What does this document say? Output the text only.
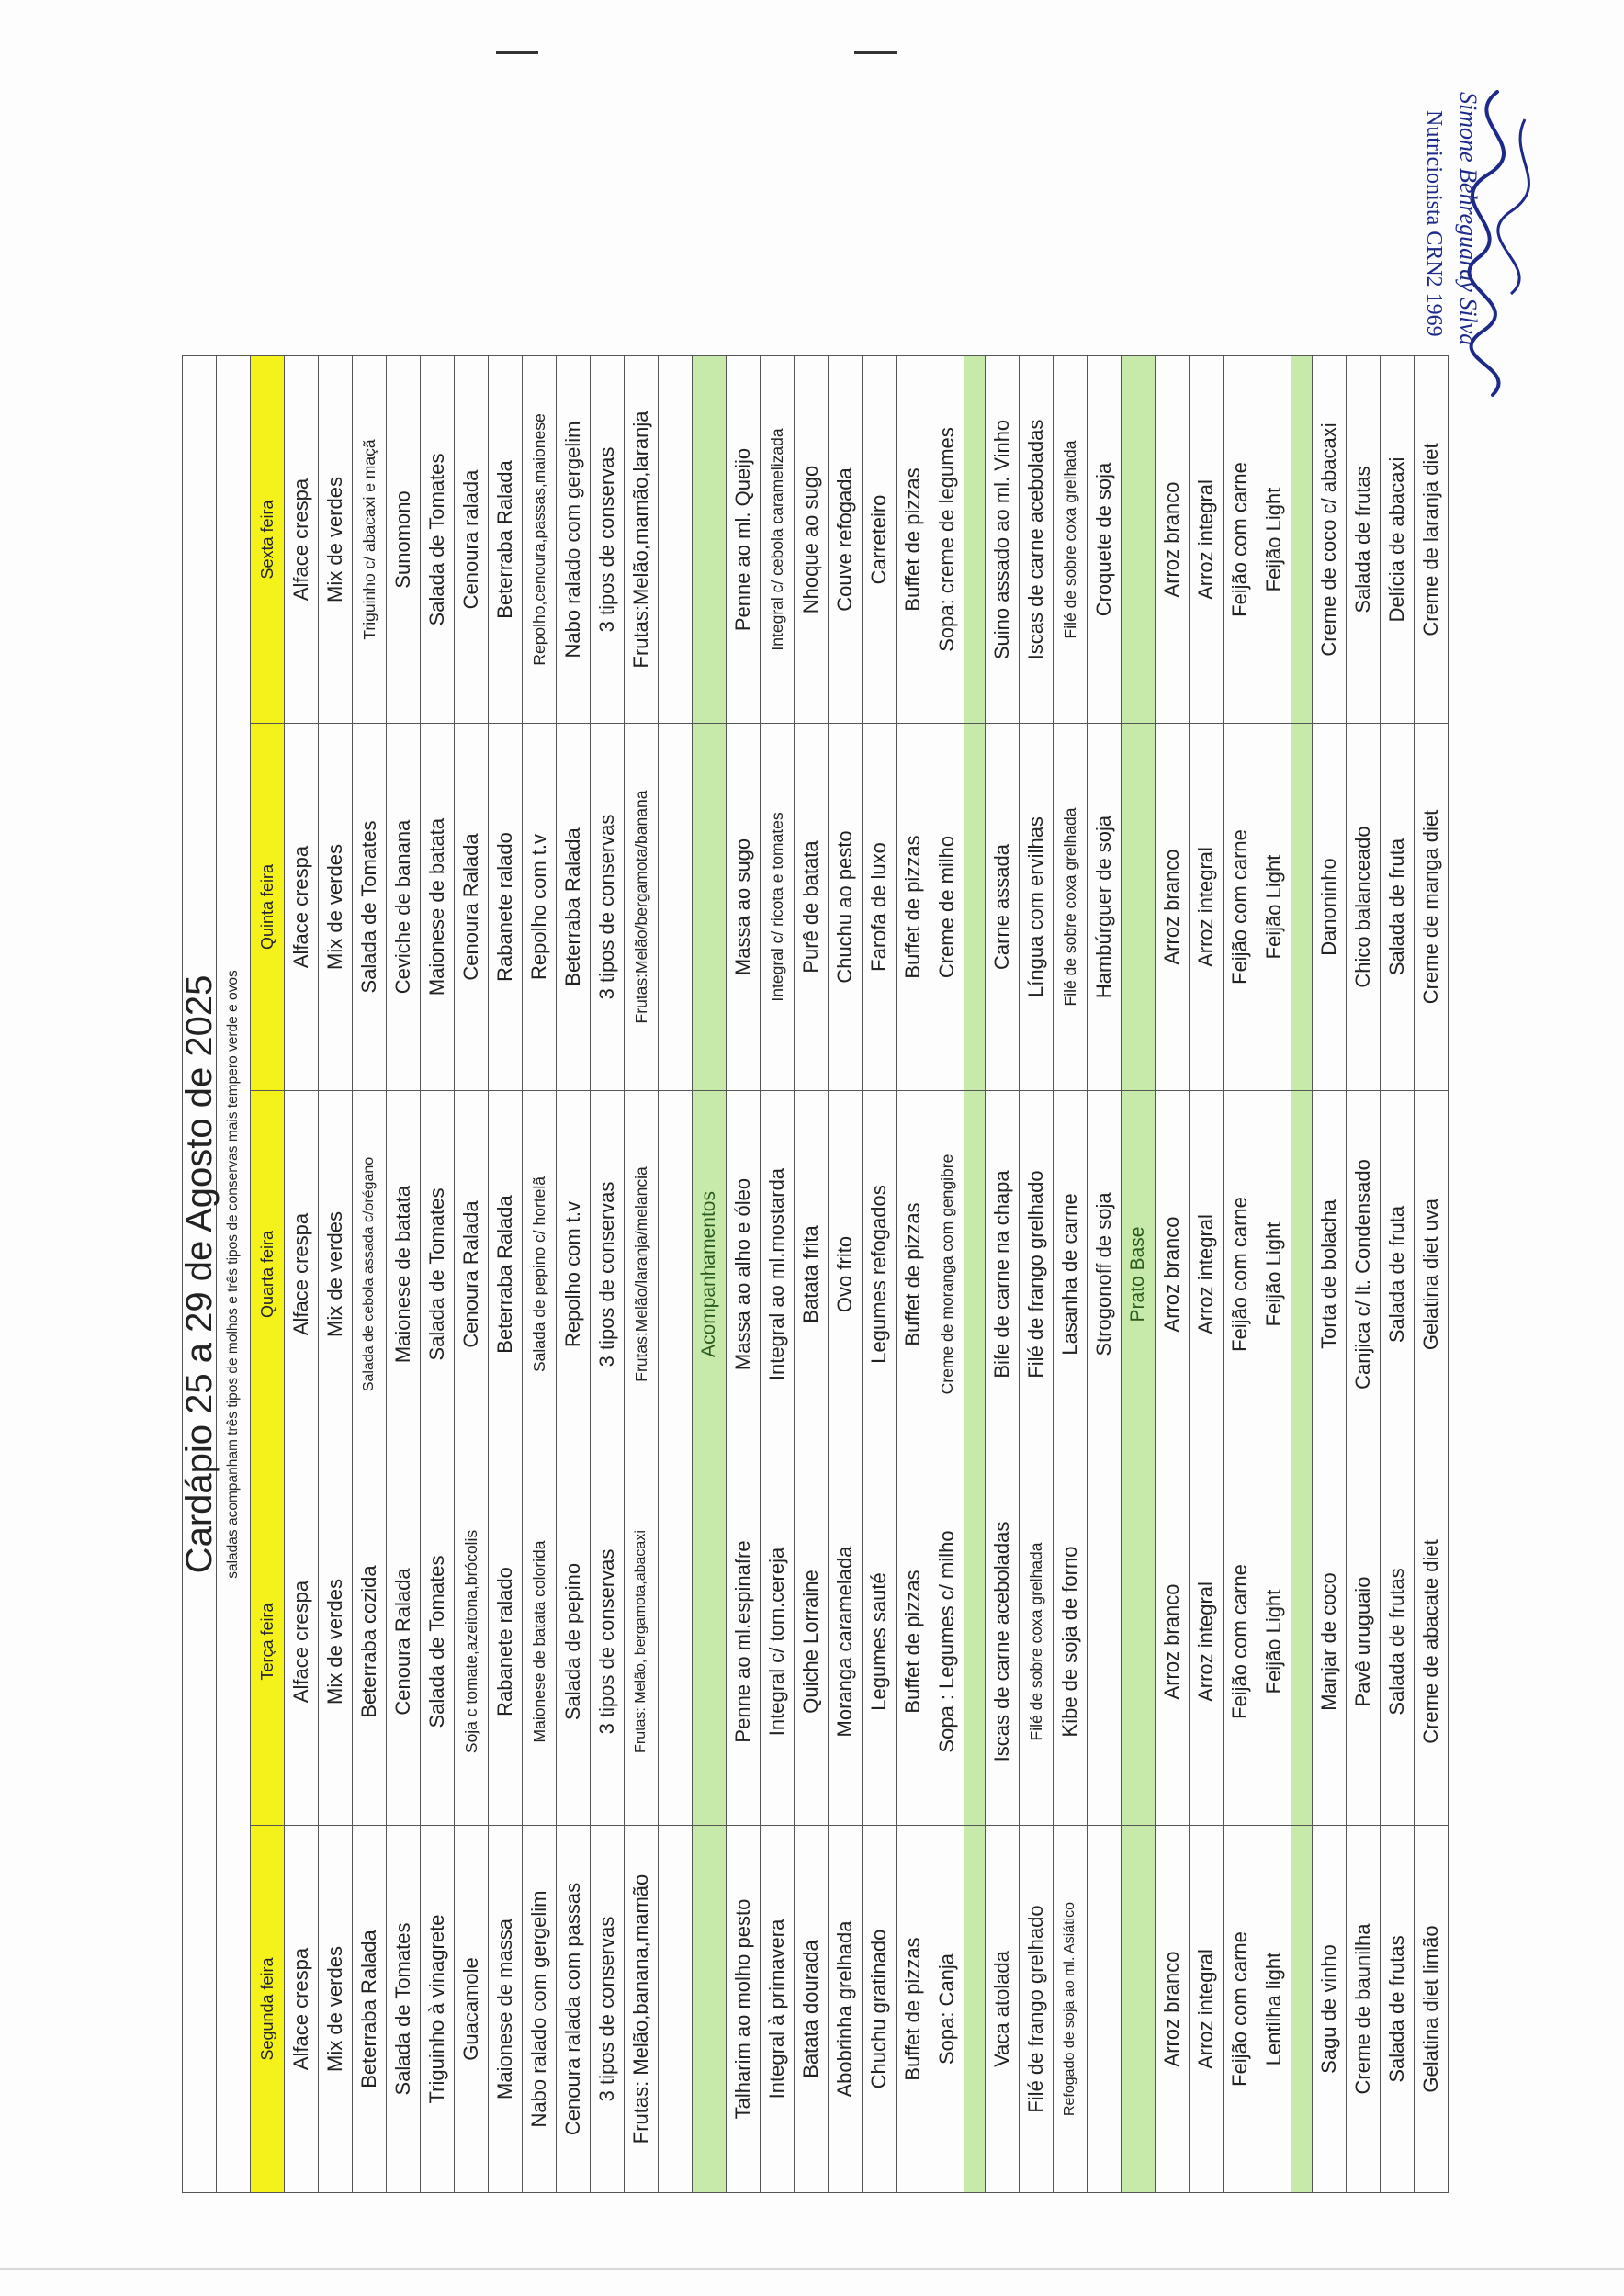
Cardápio 25 a 29 de Agosto de 2025				
saladas acompanham três tipos de molhos e três tipos de conservas mais tempero verde e ovos				
Segunda feira	Terça feira	Quarta feira	Quinta feira	Sexta feira
Alface crespa	Alface crespa	Alface crespa	Alface crespa	Alface crespa
Mix de verdes	Mix de verdes	Mix de verdes	Mix de verdes	Mix de verdes
Beterraba Ralada	Beterraba cozida	Salada de cebola assada c/orégano	Salada de Tomates	Triguinho c/ abacaxi e maçã
Salada de Tomates	Cenoura Ralada	Maionese de batata	Ceviche de banana	Sunomono
Triguinho à vinagrete	Salada de Tomates	Salada de Tomates	Maionese de batata	Salada de Tomates
Guacamole	Soja c tomate,azeitona,brócolis	Cenoura Ralada	Cenoura Ralada	Cenoura ralada
Maionese de massa	Rabanete ralado	Beterraba Ralada	Rabanete ralado	Beterraba Ralada
Nabo ralado com gergelim	Maionese de batata colorida	Salada de pepino c/ hortelã	Repolho com t.v	Repolho,cenoura,passas,maionese
Cenoura ralada com passas	Salada de pepino	Repolho com t.v	Beterraba Ralada	Nabo ralado com gergelim
3 tipos de conservas	3 tipos de conservas	3 tipos de conservas	3 tipos de conservas	3 tipos de conservas
Frutas: Melão,banana,mamão	Frutas: Melão, bergamota,abacaxi	Frutas:Melão/laranja/melancia	Frutas:Melão/bergamota/banana	Frutas:Melão,mamão,laranja

		Acompanhamentos		
Talharim ao molho pesto	Penne ao ml.espinafre	Massa ao alho e óleo	Massa ao sugo	Penne ao ml. Queijo
Integral à primavera	Integral c/ tom.cereja	Integral ao ml.mostarda	Integral c/ ricota e tomates	Integral c/ cebola caramelizada
Batata dourada	Quiche Lorraine	Batata frita	Purê de batata	Nhoque ao sugo
Abobrinha grelhada	Moranga caramelada	Ovo frito	Chuchu ao pesto	Couve refogada
Chuchu gratinado	Legumes sauté	Legumes refogados	Farofa de luxo	Carreteiro
Buffet de pizzas	Buffet de pizzas	Buffet de pizzas	Buffet de pizzas	Buffet de pizzas
Sopa: Canja	Sopa : Legumes c/ milho	Creme de moranga com gengibre	Creme de milho	Sopa: creme de legumes

Vaca atolada	Iscas de carne aceboladas	Bife de carne na chapa	Carne assada	Suino assado ao ml. Vinho
Filé de frango grelhado	Filé de sobre coxa grelhada	Filé de frango grelhado	Língua com ervilhas	Iscas de carne aceboladas
Refogado de soja ao ml. Asiático	Kibe de soja de forno	Lasanha de carne	Filé de sobre coxa grelhada	Filé de sobre coxa grelhada
		Strogonoff de soja	Hambúrguer de soja	Croquete de soja
		Prato Base		
Arroz branco	Arroz branco	Arroz branco	Arroz branco	Arroz branco
Arroz integral	Arroz integral	Arroz integral	Arroz integral	Arroz integral
Feijão com carne	Feijão com carne	Feijão com carne	Feijão com carne	Feijão com carne
Lentilha light	Feijão Light	Feijão Light	Feijão Light	Feijão Light

Sagu de vinho	Manjar de coco	Torta de bolacha	Danoninho	Creme de coco c/ abacaxi
Creme de baunilha	Pavê uruguaio	Canjica c/ lt. Condensado	Chico balanceado	Salada de frutas
Salada de frutas	Salada de frutas	Salada de fruta	Salada de fruta	Delícia de abacaxi
Gelatina diet limão	Creme de abacate diet	Gelatina diet uva	Creme de manga diet	Creme de laranja diet
Simone Behreguaray Silva
Nutricionista CRN2 1969
